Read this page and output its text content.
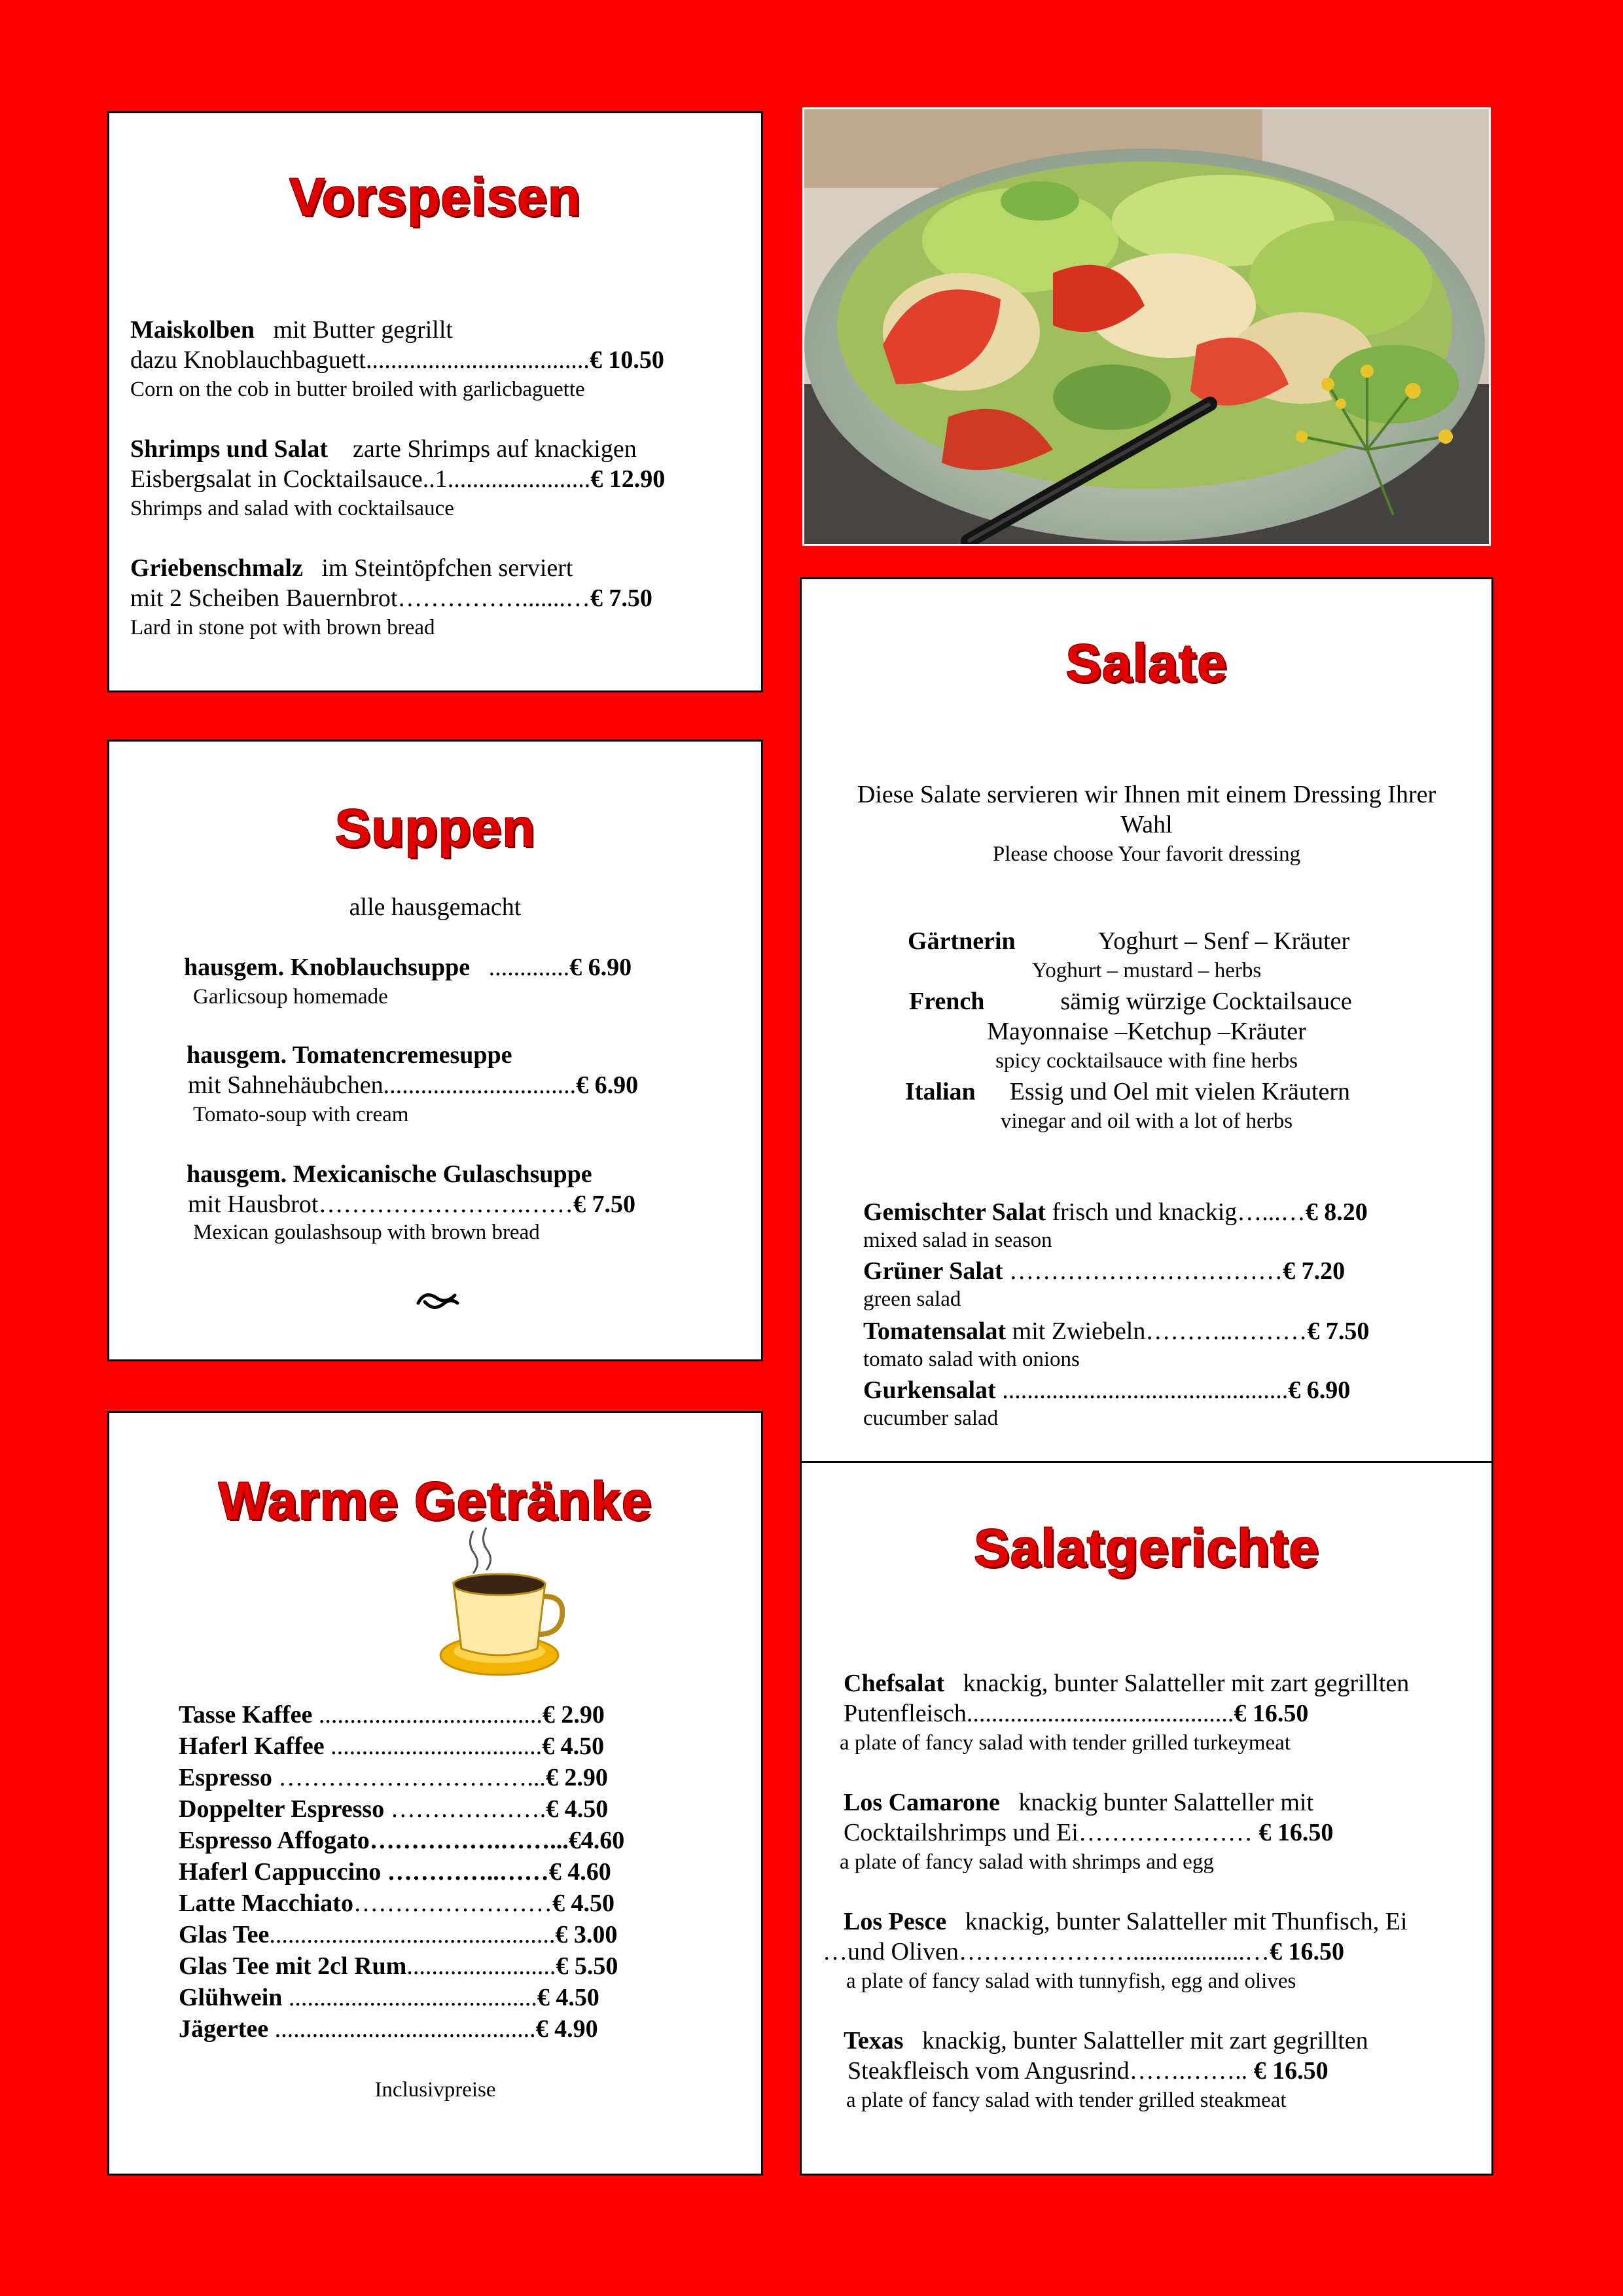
Vorspeisen
Maiskolben mit Butter gegrillt
dazu Knoblauchbaguett....................................€ 10.50
Corn on the cob in butter broiled with garlicbaguette
Shrimps und Salat zarte Shrimps auf knackigen
Eisbergsalat in Cocktailsauce..1.......................€ 12.90
Shrimps and salad with cocktailsauce
Griebenschmalz im Steintöpfchen serviert
mit 2 Scheiben Bauernbrot…………….......…€ 7.50
Lard in stone pot with brown bread
Suppen
alle hausgemacht
hausgem. Knoblauchsuppe .............€ 6.90
Garlicsoup homemade
hausgem. Tomatencremesuppe
mit Sahnehäubchen...............................€ 6.90
Tomato-soup with cream
hausgem. Mexicanische Gulaschsuppe
mit Hausbrot…………………….……€ 7.50
Mexican goulashsoup with brown bread
Warme Getränke
Tasse Kaffee ....................................€ 2.90
Haferl Kaffee ..................................€ 4.50
Espresso …………………………...€ 2.90
Doppelter Espresso ……………….€ 4.50
Espresso Affogato…………….……...€4.60
Haferl Cappuccino …………..……€ 4.60
Latte Macchiato……………………€ 4.50
Glas Tee..............................................€ 3.00
Glas Tee mit 2cl Rum........................€ 5.50
Glühwein ........................................€ 4.50
Jägertee ..........................................€ 4.90
Inclusivpreise
Salate
Diese Salate servieren wir Ihnen mit einem Dressing Ihrer
Wahl
Please choose Your favorit dressing
Gärtnerin	Yoghurt – Senf – Kräuter
Yoghurt – mustard – herbs
French	sämig würzige Cocktailsauce
Mayonnaise –Ketchup –Kräuter
spicy cocktailsauce with fine herbs
Italian Essig und Oel mit vielen Kräutern
vinegar and oil with a lot of herbs
Gemischter Salat frisch und knackig…...…€ 8.20
mixed salad in season
Grüner Salat ……………………………€ 7.20
green salad
Tomatensalat mit Zwiebeln………..………€ 7.50
tomato salad with onions
Gurkensalat ..............................................€ 6.90
cucumber salad
Salatgerichte
Chefsalat knackig, bunter Salatteller mit zart gegrillten
Putenfleisch...........................................€ 16.50
a plate of fancy salad with tender grilled turkeymeat
Los Camarone knackig bunter Salatteller mit
Cocktailshrimps und Ei………………… € 16.50
a plate of fancy salad with shrimps and egg
Los Pesce knackig, bunter Salatteller mit Thunfisch, Ei
…und Oliven…………………..................…€ 16.50
a plate of fancy salad with tunnyfish, egg and olives
Texas knackig, bunter Salatteller mit zart gegrillten
Steakfleisch vom Angusrind…….…….. € 16.50
a plate of fancy salad with tender grilled steakmeat
